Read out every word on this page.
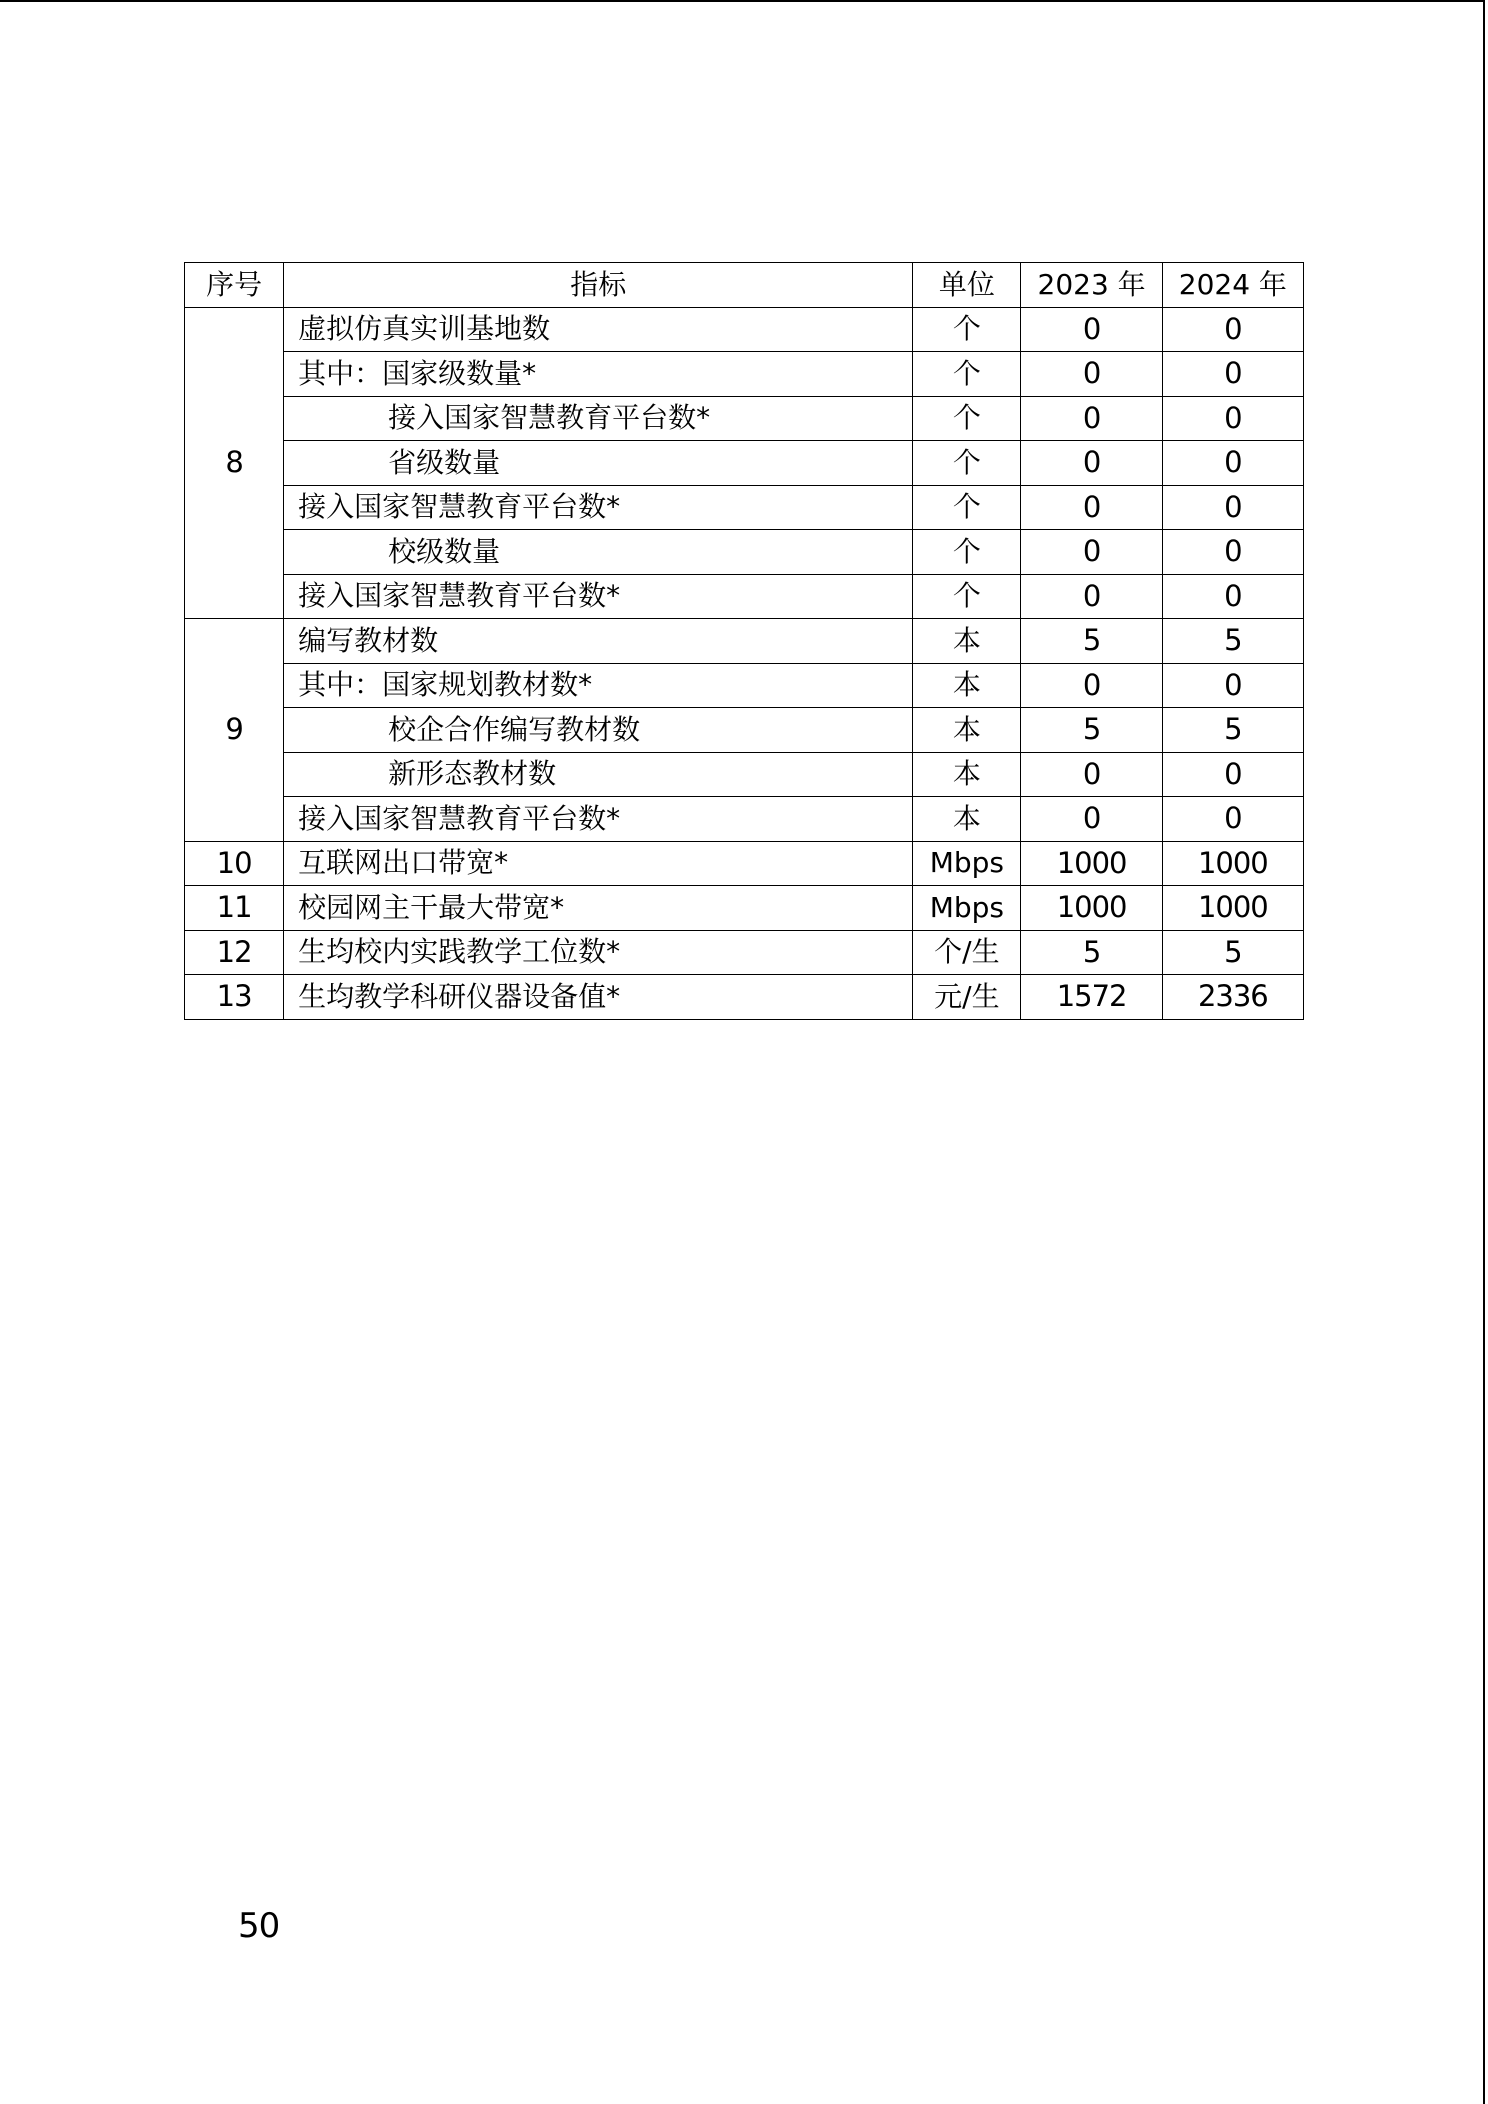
序号	指标	单位	2023 年	2024 年
8	虚拟仿真实训基地数	个	0	0
	其中：国家级数量*	个	0	0
	接入国家智慧教育平台数*	个	0	0
	省级数量	个	0	0
	接入国家智慧教育平台数*	个	0	0
	校级数量	个	0	0
	接入国家智慧教育平台数*	个	0	0
9	编写教材数	本	5	5
	其中：国家规划教材数*	本	0	0
	校企合作编写教材数	本	5	5
	新形态教材数	本	0	0
	接入国家智慧教育平台数*	本	0	0
10	互联网出口带宽*	Mbps	1000	1000
11	校园网主干最大带宽*	Mbps	1000	1000
12	生均校内实践教学工位数*	个/生	5	5
13	生均教学科研仪器设备值*	元/生	1572	2336
50
